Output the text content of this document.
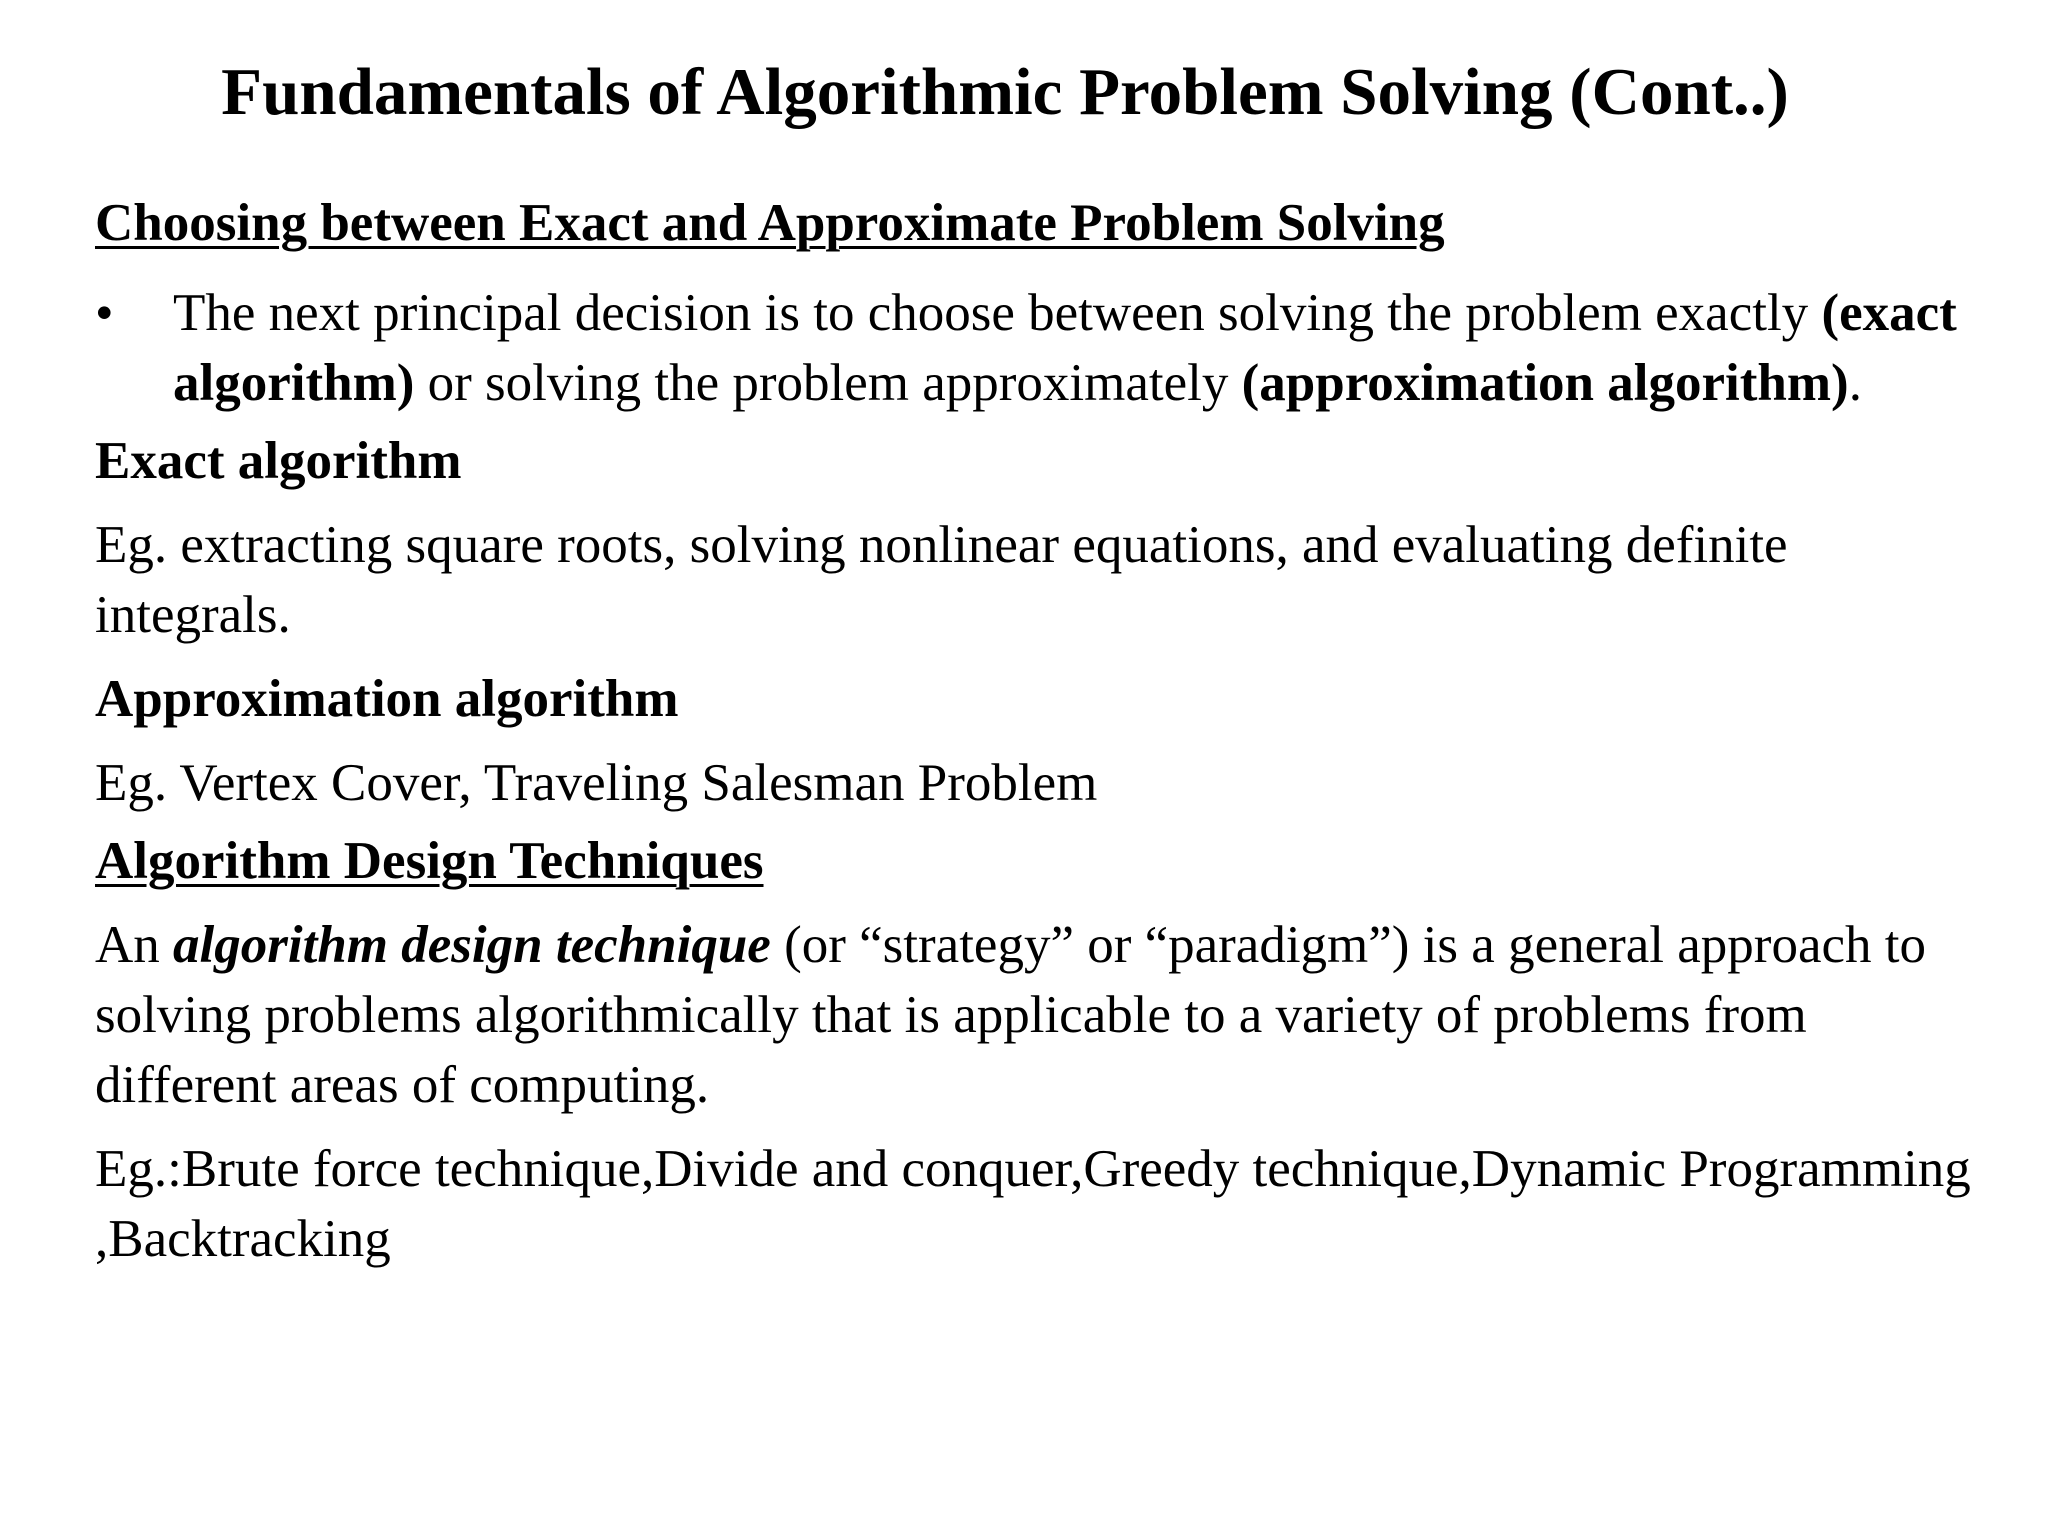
Fundamentals of Algorithmic Problem Solving (Cont..)
Choosing between Exact and Approximate Problem Solving
•	The next principal decision is to choose between solving the problem exactly (exact algorithm) or solving the problem approximately (approximation algorithm).
Exact algorithm

Eg. extracting square roots, solving nonlinear equations, and evaluating definite integrals.

Approximation algorithm

Eg. Vertex Cover, Traveling Salesman Problem

Algorithm Design Techniques

An algorithm design technique (or “strategy” or “paradigm”) is a general approach to solving problems algorithmically that is applicable to a variety of problems from different areas of computing.

Eg.:Brute force technique,Divide and conquer,Greedy technique,Dynamic Programming ,Backtracking
